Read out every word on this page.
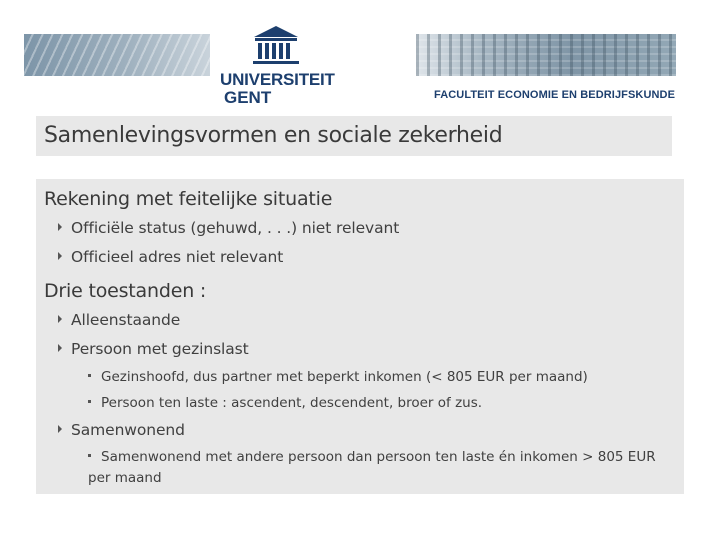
UNIVERSITEIT
GENT	FACULTEIT ECONOMIE EN BEDRIJFSKUNDE
Samenlevingsvormen en sociale zekerheid
Rekening met feitelijke situatie
Officiële status (gehuwd, . . .) niet relevant
Officieel adres niet relevant
Drie toestanden :
Alleenstaande
Persoon met gezinslast
Gezinshoofd, dus partner met beperkt inkomen (< 805 EUR per maand)
Persoon ten laste : ascendent, descendent, broer of zus.
Samenwonend
Samenwonend met andere persoon dan persoon ten laste én inkomen > 805 EUR per maand
